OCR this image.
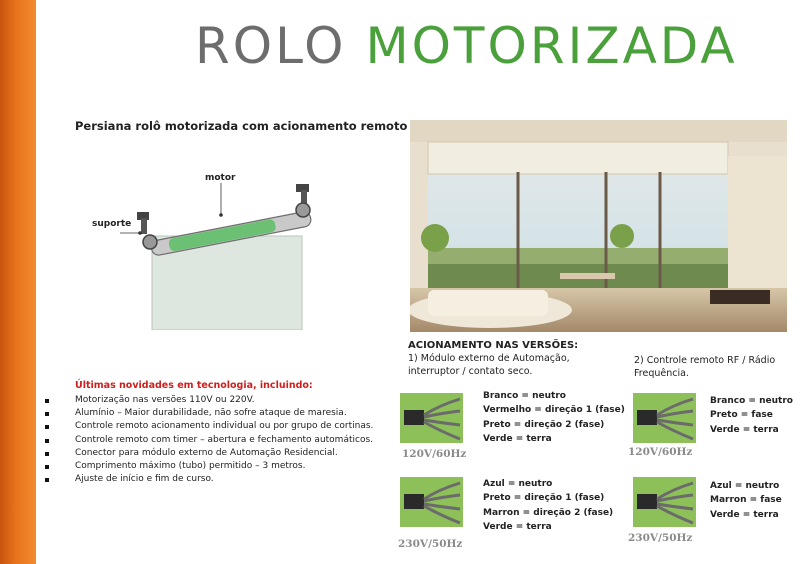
ROLO MOTORIZADA
Persiana rolô motorizada com acionamento remoto
motor
suporte
Últimas novidades em tecnologia, incluindo:
Motorização nas versões 110V ou 220V.
Alumínio – Maior durabilidade, não sofre ataque de maresia.
Controle remoto acionamento individual ou por grupo de cortinas.
Controle remoto com timer – abertura e fechamento automáticos.
Conector para módulo externo de Automação Residencial.
Comprimento máximo (tubo) permitido – 3 metros.
Ajuste de início e fim de curso.
ACIONAMENTO NAS VERSÕES:
1) Módulo externo de Automação,
interruptor / contato seco.
2) Controle remoto RF / Rádio
Frequência.
Branco = neutro
Vermelho = direção 1 (fase)
Preto = direção 2 (fase)
Verde = terra
120V/60Hz
Branco = neutro
Preto = fase
Verde = terra
120V/60Hz
Azul = neutro
Preto = direção 1 (fase)
Marron = direção 2 (fase)
Verde = terra
230V/50Hz
Azul = neutro
Marron = fase
Verde = terra
230V/50Hz
